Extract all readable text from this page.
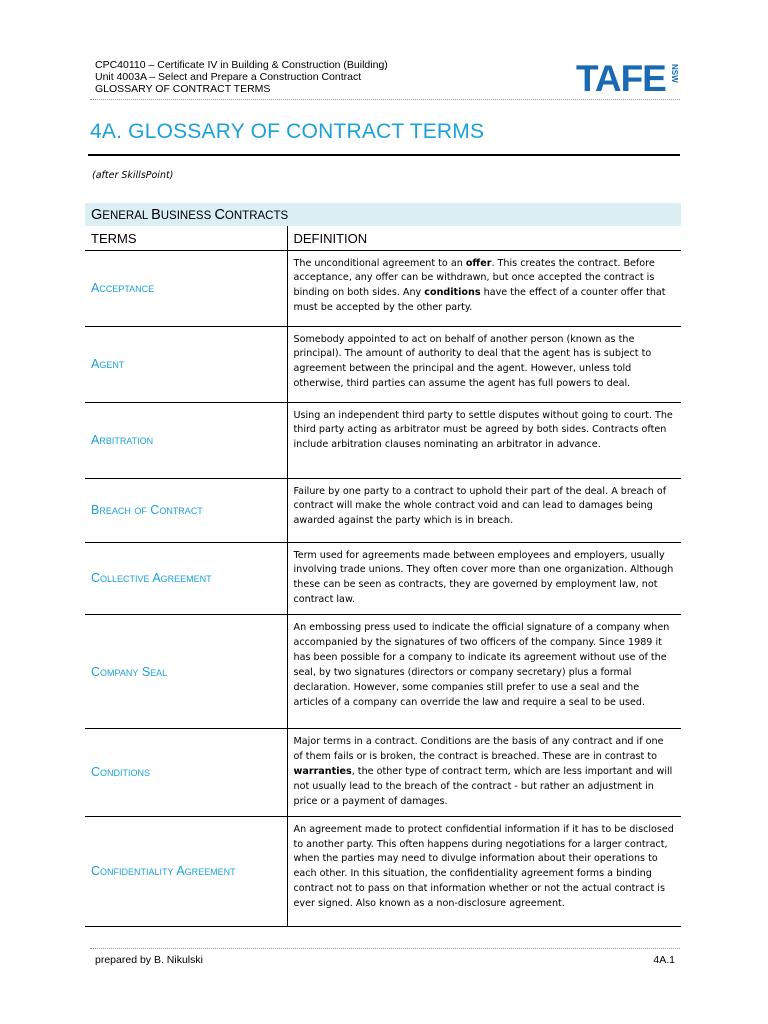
CPC40110 – Certificate IV in Building & Construction (Building)
Unit 4003A – Select and Prepare a Construction Contract
GLOSSARY OF CONTRACT TERMS	TAFE NSW
4A. GLOSSARY OF CONTRACT TERMS
(after SkillsPoint)
GENERAL BUSINESS CONTRACTS
TERMS	DEFINITION
Acceptance	The unconditional agreement to an offer. This creates the contract. Before acceptance, any offer can be withdrawn, but once accepted the contract is binding on both sides. Any conditions have the effect of a counter offer that must be accepted by the other party.
Agent	Somebody appointed to act on behalf of another person (known as the principal). The amount of authority to deal that the agent has is subject to agreement between the principal and the agent. However, unless told otherwise, third parties can assume the agent has full powers to deal.
Arbitration	Using an independent third party to settle disputes without going to court. The third party acting as arbitrator must be agreed by both sides. Contracts often include arbitration clauses nominating an arbitrator in advance.
Breach of Contract	Failure by one party to a contract to uphold their part of the deal. A breach of contract will make the whole contract void and can lead to damages being awarded against the party which is in breach.
Collective Agreement	Term used for agreements made between employees and employers, usually involving trade unions. They often cover more than one organization. Although these can be seen as contracts, they are governed by employment law, not contract law.
Company Seal	An embossing press used to indicate the official signature of a company when accompanied by the signatures of two officers of the company. Since 1989 it has been possible for a company to indicate its agreement without use of the seal, by two signatures (directors or company secretary) plus a formal declaration. However, some companies still prefer to use a seal and the articles of a company can override the law and require a seal to be used.
Conditions	Major terms in a contract. Conditions are the basis of any contract and if one of them fails or is broken, the contract is breached. These are in contrast to warranties, the other type of contract term, which are less important and will not usually lead to the breach of the contract - but rather an adjustment in price or a payment of damages.
Confidentiality Agreement	An agreement made to protect confidential information if it has to be disclosed to another party. This often happens during negotiations for a larger contract, when the parties may need to divulge information about their operations to each other. In this situation, the confidentiality agreement forms a binding contract not to pass on that information whether or not the actual contract is ever signed. Also known as a non-disclosure agreement.
prepared by B. Nikulski	4A.1
